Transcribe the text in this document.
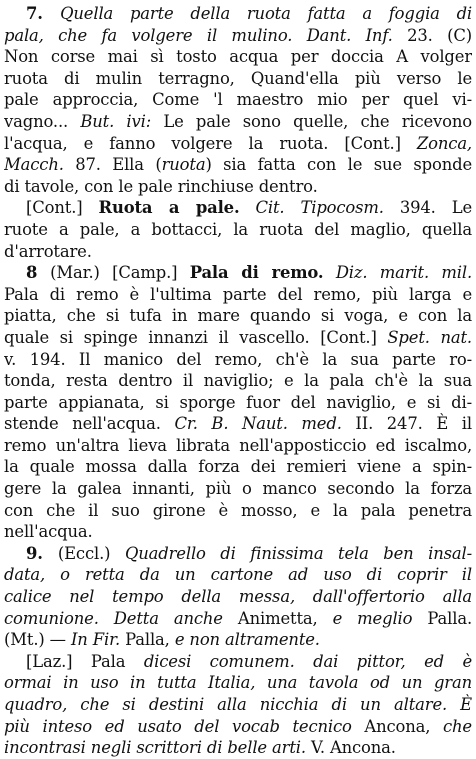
7. Quella parte della ruota fatta a foggia di
pala, che fa volgere il mulino. Dant. Inf. 23. (C)
Non corse mai sì tosto acqua per doccia A volger
ruota di mulin terragno, Quand'ella più verso le
pale approccia, Come 'l maestro mio per quel vi-
vagno... But. ivi: Le pale sono quelle, che ricevono
l'acqua, e fanno volgere la ruota. [Cont.] Zonca,
Macch. 87. Ella (ruota) sia fatta con le sue sponde
di tavole, con le pale rinchiuse dentro.
[Cont.] Ruota a pale. Cit. Tipocosm. 394. Le
ruote a pale, a bottacci, la ruota del maglio, quella
d'arrotare.
8 (Mar.) [Camp.] Pala di remo. Diz. marit. mil.
Pala di remo è l'ultima parte del remo, più larga e
piatta, che si tufa in mare quando si voga, e con la
quale si spinge innanzi il vascello. [Cont.] Spet. nat.
v. 194. Il manico del remo, ch'è la sua parte ro-
tonda, resta dentro il naviglio; e la pala ch'è la sua
parte appianata, si sporge fuor del naviglio, e si di-
stende nell'acqua. Cr. B. Naut. med. II. 247. È il
remo un'altra lieva librata nell'apposticcio ed iscalmo,
la quale mossa dalla forza dei remieri viene a spin-
gere la galea innanti, più o manco secondo la forza
con che il suo girone è mosso, e la pala penetra
nell'acqua.
9. (Eccl.) Quadrello di finissima tela ben insal-
data, o retta da un cartone ad uso di coprir il
calice nel tempo della messa, dall'offertorio alla
comunione. Detta anche Animetta, e meglio Palla.
(Mt.) — In Fir. Palla, e non altramente.
[Laz.] Pala dicesi comunem. dai pittor, ed è
ormai in uso in tutta Italia, una tavola od un gran
quadro, che si destini alla nicchia di un altare. È
più inteso ed usato del vocab tecnico Ancona, che
incontrasi negli scrittori di belle arti. V. Ancona.
